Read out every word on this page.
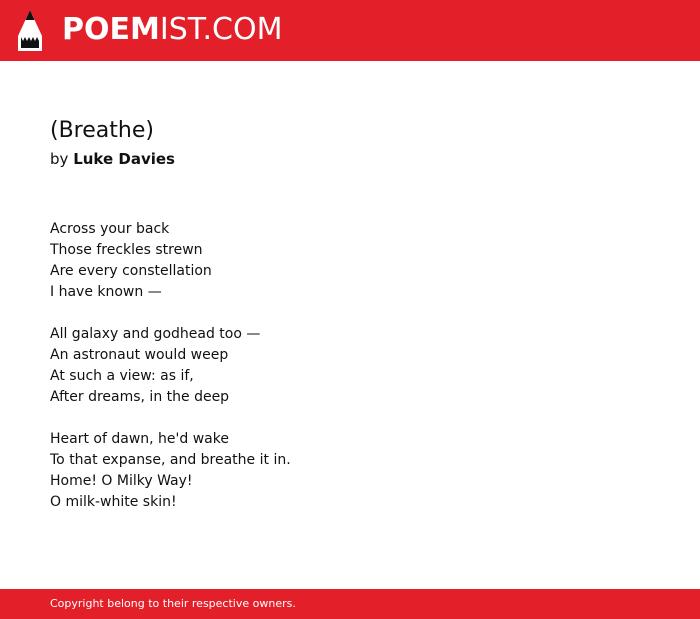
POEMIST.COM
(Breathe)
by Luke Davies
Across your back
Those freckles strewn
Are every constellation
I have known —
All galaxy and godhead too —
An astronaut would weep
At such a view: as if,
After dreams, in the deep
Heart of dawn, he'd wake
To that expanse, and breathe it in.
Home! O Milky Way!
O milk-white skin!
Copyright belong to their respective owners.
